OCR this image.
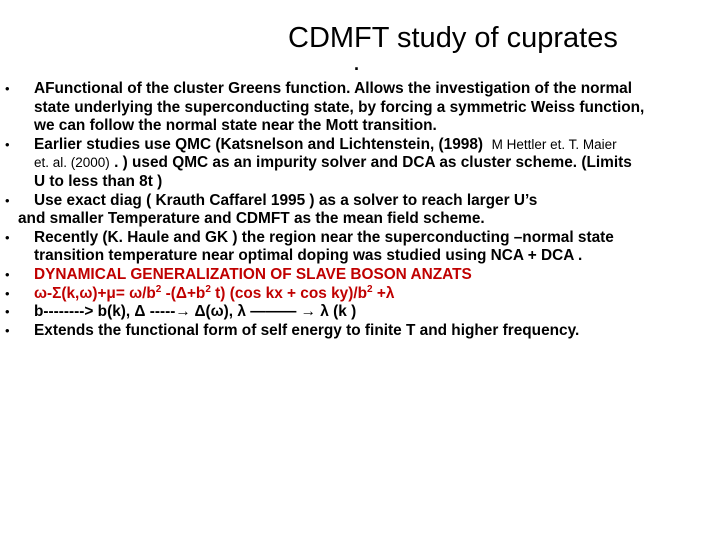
CDMFT study of cuprates
.
• AFunctional of the cluster Greens function. Allows the investigation of the normal
state underlying the superconducting state, by forcing a symmetric Weiss function,
we can follow the normal state near the Mott transition.
• Earlier studies use QMC (Katsnelson and Lichtenstein, (1998) M Hettler et. T. Maier
et. al. (2000) . ) used QMC as an impurity solver and DCA as cluster scheme. (Limits
U to less than 8t )
• Use exact diag ( Krauth Caffarel 1995 ) as a solver to reach larger U’s
and smaller Temperature and CDMFT as the mean field scheme.
• Recently (K. Haule and GK ) the region near the superconducting –normal state
transition temperature near optimal doping was studied using NCA + DCA .
• DYNAMICAL GENERALIZATION OF SLAVE BOSON ANZATS
• $\omega-\Sigma(k,\omega)+\mu= \omega/b^2$ $-(\Delta+b^2$ t) (cos kx + $\cos ky)/b^2 +\lambda$
• b--------> b(k), Δ -----→ Δ(ω), λ ——— → λ (k )
• Extends the functional form of self energy to finite T and higher frequency.
